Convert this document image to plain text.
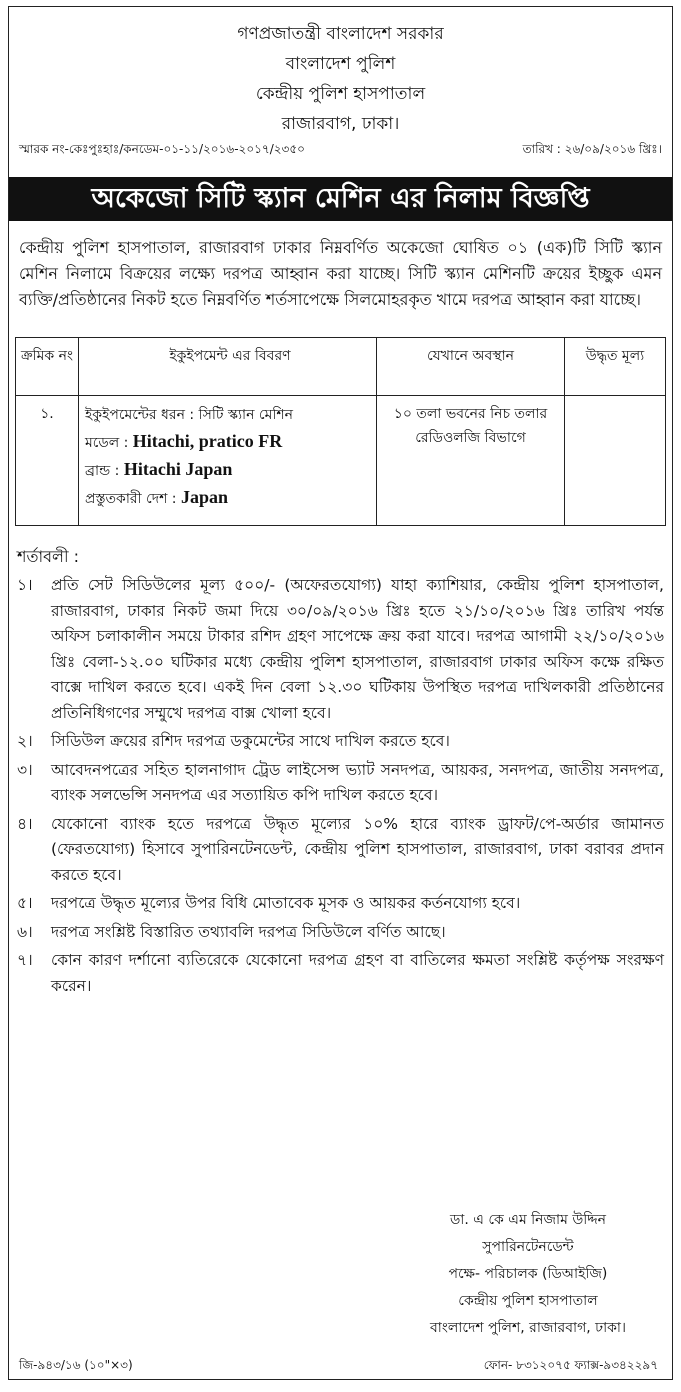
গণপ্রজাতন্ত্রী বাংলাদেশ সরকার
বাংলাদেশ পুলিশ
কেন্দ্রীয় পুলিশ হাসপাতাল
রাজারবাগ, ঢাকা।
স্মারক নং-কেঃপুঃহাঃ/কনডেম-০১-১১/২০১৬-২০১৭/২৩৫০	তারিখ : ২৬/০৯/২০১৬ খ্রিঃ।
অকেজো সিটি স্ক্যান মেশিন এর নিলাম বিজ্ঞপ্তি
কেন্দ্রীয় পুলিশ হাসপাতাল, রাজারবাগ ঢাকার নিম্নবর্ণিত অকেজো ঘোষিত ০১ (এক)টি সিটি স্ক্যান মেশিন নিলামে বিক্রয়ের লক্ষ্যে দরপত্র আহ্বান করা যাচ্ছে। সিটি স্ক্যান মেশিনটি ক্রয়ের ইচ্ছুক এমন ব্যক্তি/প্রতিষ্ঠানের নিকট হতে নিম্নবর্ণিত শর্তসাপেক্ষে সিলমোহরকৃত খামে দরপত্র আহ্বান করা যাচ্ছে।
ক্রমিক নং	ইকুইপমেন্ট এর বিবরণ	যেখানে অবস্থান	উদ্ধৃত মূল্য
১.	ইকুইপমেন্টের ধরন : সিটি স্ক্যান মেশিন
মডেল : Hitachi, pratico FR
ব্রান্ড : Hitachi Japan
প্রস্তুতকারী দেশ : Japan	১০ তলা ভবনের নিচ তলার রেডিওলজি বিভাগে	
শর্তাবলী :
১।	প্রতি সেট সিডিউলের মূল্য ৫০০/- (অফেরতযোগ্য) যাহা ক্যাশিয়ার, কেন্দ্রীয় পুলিশ হাসপাতাল, রাজারবাগ, ঢাকার নিকট জমা দিয়ে ৩০/০৯/২০১৬ খ্রিঃ হতে ২১/১০/২০১৬ খ্রিঃ তারিখ পর্যন্ত অফিস চলাকালীন সময়ে টাকার রশিদ গ্রহণ সাপেক্ষে ক্রয় করা যাবে। দরপত্র আগামী ২২/১০/২০১৬ খ্রিঃ বেলা-১২.০০ ঘটিকার মধ্যে কেন্দ্রীয় পুলিশ হাসপাতাল, রাজারবাগ ঢাকার অফিস কক্ষে রক্ষিত বাক্সে দাখিল করতে হবে। একই দিন বেলা ১২.৩০ ঘটিকায় উপস্থিত দরপত্র দাখিলকারী প্রতিষ্ঠানের প্রতিনিধিগণের সম্মুখে দরপত্র বাক্স খোলা হবে।
২।	সিডিউল ক্রয়ের রশিদ দরপত্র ডকুমেন্টের সাথে দাখিল করতে হবে।
৩।	আবেদনপত্রের সহিত হালনাগাদ ট্রেড লাইসেন্স ভ্যাট সনদপত্র, আয়কর, সনদপত্র, জাতীয় সনদপত্র, ব্যাংক সলভেন্সি সনদপত্র এর সত্যায়িত কপি দাখিল করতে হবে।
৪।	যেকোনো ব্যাংক হতে দরপত্রে উদ্ধৃত মূল্যের ১০% হারে ব্যাংক ড্রাফট/পে-অর্ডার জামানত (ফেরতযোগ্য) হিসাবে সুপারিনটেনডেন্ট, কেন্দ্রীয় পুলিশ হাসপাতাল, রাজারবাগ, ঢাকা বরাবর প্রদান করতে হবে।
৫।	দরপত্রে উদ্ধৃত মূল্যের উপর বিধি মোতাবেক মূসক ও আয়কর কর্তনযোগ্য হবে।
৬।	দরপত্র সংশ্লিষ্ট বিস্তারিত তথ্যাবলি দরপত্র সিডিউলে বর্ণিত আছে।
৭।	কোন কারণ দর্শানো ব্যতিরেকে যেকোনো দরপত্র গ্রহণ বা বাতিলের ক্ষমতা সংশ্লিষ্ট কর্তৃপক্ষ সংরক্ষণ করেন।
ডা. এ কে এম নিজাম উদ্দিন
সুপারিনটেনডেন্ট
পক্ষে- পরিচালক (ডিআইজি)
কেন্দ্রীয় পুলিশ হাসপাতাল
বাংলাদেশ পুলিশ, রাজারবাগ, ঢাকা।
জি-৯৪৩/১৬ (১০"×৩)	ফোন- ৮৩১২০৭৫ ফ্যাক্স-৯৩৪২২৯৭
